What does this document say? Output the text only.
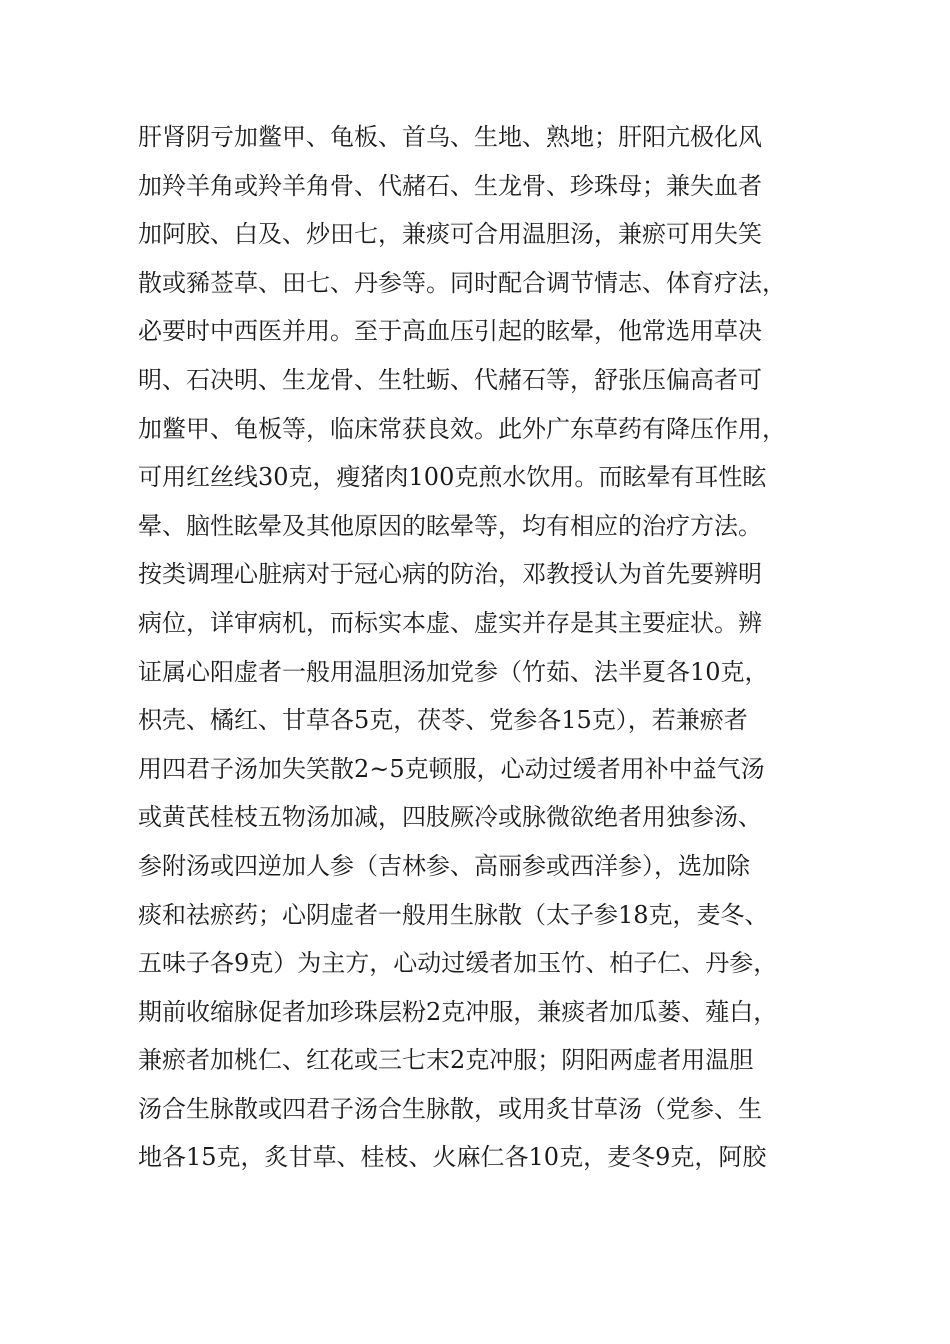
肝肾阴亏加鳖甲、龟板、首乌、生地、熟地；肝阳亢极化风
加羚羊角或羚羊角骨、代赭石、生龙骨、珍珠母；兼失血者
加阿胶、白及、炒田七，兼痰可合用温胆汤，兼瘀可用失笑
散或豨莶草、田七、丹参等。同时配合调节情志、体育疗法，
必要时中西医并用。至于高血压引起的眩晕，他常选用草决
明、石决明、生龙骨、生牡蛎、代赭石等，舒张压偏高者可
加鳖甲、龟板等，临床常获良效。此外广东草药有降压作用，
可用红丝线30克，瘦猪肉100克煎水饮用。而眩晕有耳性眩
晕、脑性眩晕及其他原因的眩晕等，均有相应的治疗方法。
按类调理心脏病对于冠心病的防治，邓教授认为首先要辨明
病位，详审病机，而标实本虚、虚实并存是其主要症状。辨
证属心阳虚者一般用温胆汤加党参（竹茹、法半夏各10克，
枳壳、橘红、甘草各5克，茯苓、党参各15克），若兼瘀者
用四君子汤加失笑散2~5克顿服，心动过缓者用补中益气汤
或黄芪桂枝五物汤加减，四肢厥冷或脉微欲绝者用独参汤、
参附汤或四逆加人参（吉林参、高丽参或西洋参），选加除
痰和祛瘀药；心阴虚者一般用生脉散（太子参18克，麦冬、
五味子各9克）为主方，心动过缓者加玉竹、柏子仁、丹参，
期前收缩脉促者加珍珠层粉2克冲服，兼痰者加瓜蒌、薤白，
兼瘀者加桃仁、红花或三七末2克冲服；阴阳两虚者用温胆
汤合生脉散或四君子汤合生脉散，或用炙甘草汤（党参、生
地各15克，炙甘草、桂枝、火麻仁各10克，麦冬9克，阿胶
